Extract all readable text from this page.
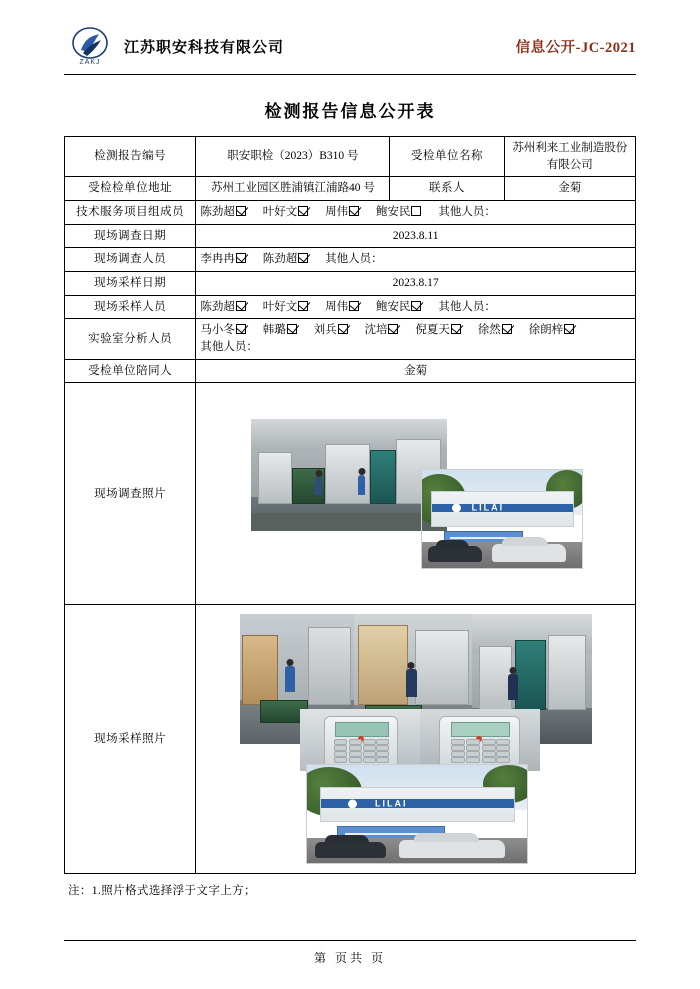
ZAKJ
江苏职安科技有限公司	信息公开-JC-2021
检测报告信息公开表
检测报告编号	职安职检（2023）B310 号	受检单位名称	苏州利来工业制造股份有限公司
受检检单位地址	苏州工业园区胜浦镇江浦路40 号	联系人	金菊
技术服务项目组成员	陈劲超 叶好文 周伟 鲍安民 其他人员：		
现场调查日期	2023.8.11		
现场调查人员	李冉冉 陈劲超 其他人员：		
现场采样日期	2023.8.17		
现场采样人员	陈劲超 叶好文 周伟 鲍安民 其他人员：		
实验室分析人员	马小冬 韩璐 刘兵 沈培 倪夏天 徐然 徐朗梓
其他人员：		

受检单位陪同人	金菊		
现场调查照片	LILAI		

现场采样照片	LILAI		
注：1.照片格式选择浮于文字上方；
第 页共 页
